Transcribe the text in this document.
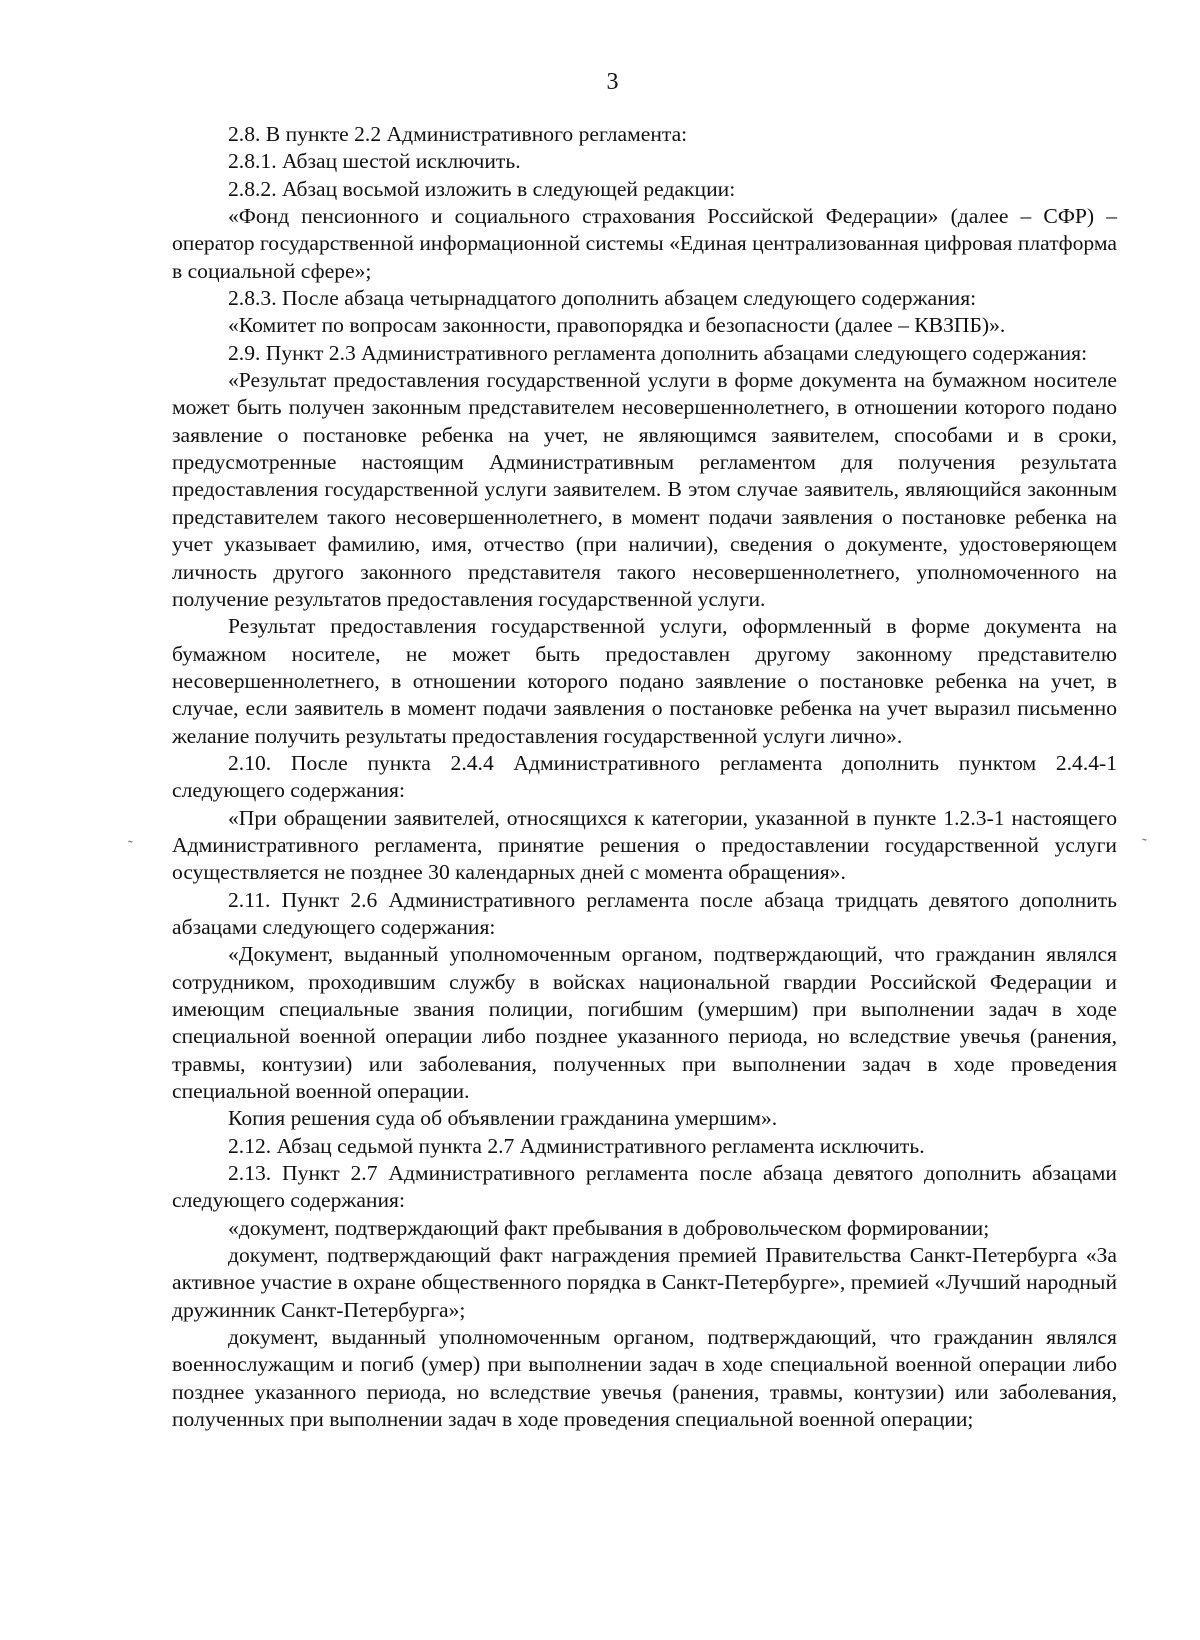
3

2.8. В пункте 2.2 Административного регламента:

2.8.1. Абзац шестой исключить.

2.8.2. Абзац восьмой изложить в следующей редакции:

«Фонд пенсионного и социального страхования Российской Федерации» (далее – СФР) – оператор государственной информационной системы «Единая централизованная цифровая платформа в социальной сфере»;

2.8.3. После абзаца четырнадцатого дополнить абзацем следующего содержания:

«Комитет по вопросам законности, правопорядка и безопасности (далее – КВЗПБ)».

2.9. Пункт 2.3 Административного регламента дополнить абзацами следующего содержания:

«Результат предоставления государственной услуги в форме документа на бумажном носителе может быть получен законным представителем несовершеннолетнего, в отношении которого подано заявление о постановке ребенка на учет, не являющимся заявителем, способами и в сроки, предусмотренные настоящим Административным регламентом для получения результата предоставления государственной услуги заявителем. В этом случае заявитель, являющийся законным представителем такого несовершеннолетнего, в момент подачи заявления о постановке ребенка на учет указывает фамилию, имя, отчество (при наличии), сведения о документе, удостоверяющем личность другого законного представителя такого несовершеннолетнего, уполномоченного на получение результатов предоставления государственной услуги.

Результат предоставления государственной услуги, оформленный в форме документа на бумажном носителе, не может быть предоставлен другому законному представителю несовершеннолетнего, в отношении которого подано заявление о постановке ребенка на учет, в случае, если заявитель в момент подачи заявления о постановке ребенка на учет выразил письменно желание получить результаты предоставления государственной услуги лично».

2.10. После пункта 2.4.4 Административного регламента дополнить пунктом 2.4.4-1 следующего содержания:

«При обращении заявителей, относящихся к категории, указанной в пункте 1.2.3-1 настоящего Административного регламента, принятие решения о предоставлении государственной услуги осуществляется не позднее 30 календарных дней с момента обращения».

2.11. Пункт 2.6 Административного регламента после абзаца тридцать девятого дополнить абзацами следующего содержания:

«Документ, выданный уполномоченным органом, подтверждающий, что гражданин являлся сотрудником, проходившим службу в войсках национальной гвардии Российской Федерации и имеющим специальные звания полиции, погибшим (умершим) при выполнении задач в ходе специальной военной операции либо позднее указанного периода, но вследствие увечья (ранения, травмы, контузии) или заболевания, полученных при выполнении задач в ходе проведения специальной военной операции.

Копия решения суда об объявлении гражданина умершим».

2.12. Абзац седьмой пункта 2.7 Административного регламента исключить.

2.13. Пункт 2.7 Административного регламента после абзаца девятого дополнить абзацами следующего содержания:

«документ, подтверждающий факт пребывания в добровольческом формировании;

документ, подтверждающий факт награждения премией Правительства Санкт-Петербурга «За активное участие в охране общественного порядка в Санкт-Петербурге», премией «Лучший народный дружинник Санкт-Петербурга»;

документ, выданный уполномоченным органом, подтверждающий, что гражданин являлся военнослужащим и погиб (умер) при выполнении задач в ходе специальной военной операции либо позднее указанного периода, но вследствие увечья (ранения, травмы, контузии) или заболевания, полученных при выполнении задач в ходе проведения специальной военной операции;

˜	˜
